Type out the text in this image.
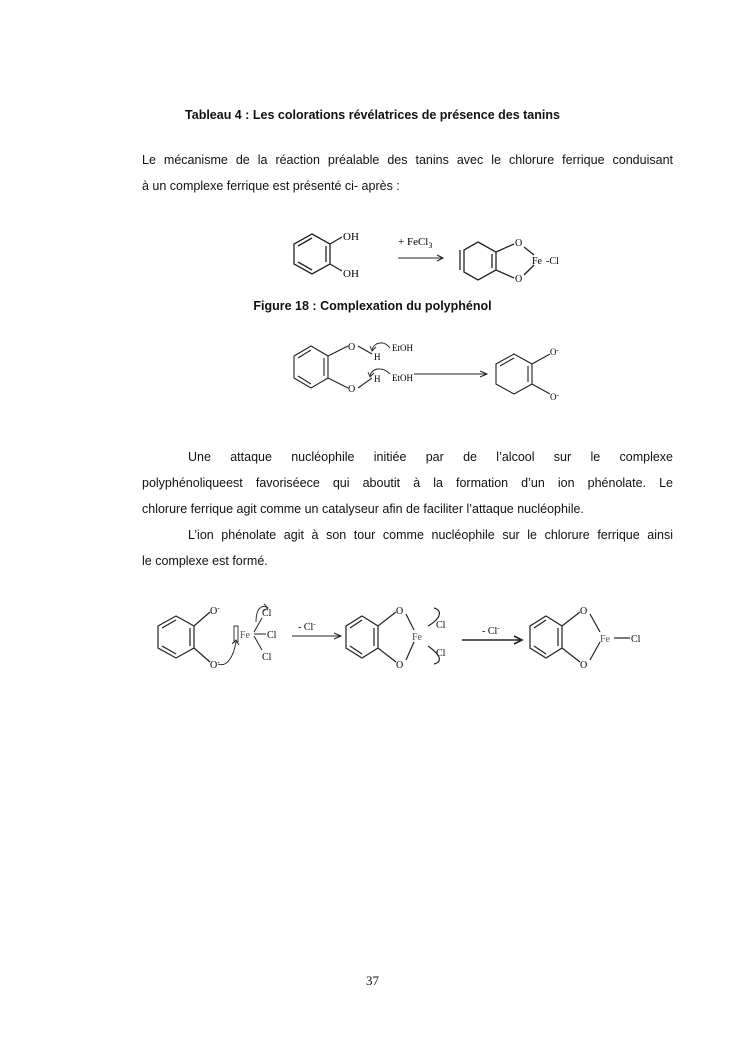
Tableau 4 : Les colorations révélatrices de présence des tanins
Le mécanisme de la réaction préalable des tanins avec le chlorure ferrique conduisant
à un complexe ferrique est présenté ci- après :
OH
OH
+ FeCl$_3$	O
O
Fe -Cl
Figure 18 : Complexation du polyphénol
O
O
H
H
EtOH
EtOH
O-
O-
Une attaque nucléophile initiée par de l’alcool sur le complexe
polyphénoliqueest favoriséece qui aboutit à la formation d’un ion phénolate. Le
chlorure ferrique agit comme un catalyseur afin de faciliter l’attaque nucléophile.
L’ion phénolate agit à son tour comme nucléophile sur le chlorure ferrique ainsi
le complexe est formé.
O-
O-
Fe
Cl
Cl
Cl
- Cl-
O
O
Fe
Cl
Cl
- Cl-
O
O
Fe Cl
37
